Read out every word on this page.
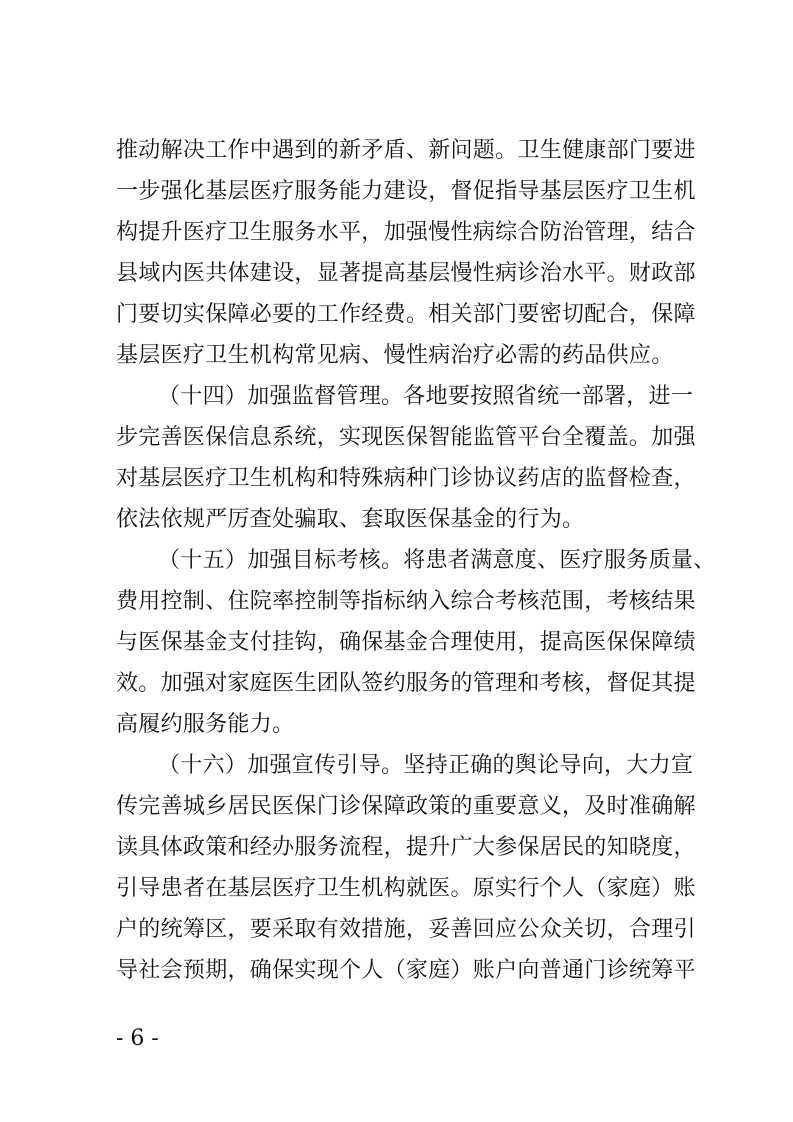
推动解决工作中遇到的新矛盾、新问题。卫生健康部门要进
一步强化基层医疗服务能力建设，督促指导基层医疗卫生机
构提升医疗卫生服务水平，加强慢性病综合防治管理，结合
县域内医共体建设，显著提高基层慢性病诊治水平。财政部
门要切实保障必要的工作经费。相关部门要密切配合，保障
基层医疗卫生机构常见病、慢性病治疗必需的药品供应。
（十四）加强监督管理。各地要按照省统一部署，进一
步完善医保信息系统，实现医保智能监管平台全覆盖。加强
对基层医疗卫生机构和特殊病种门诊协议药店的监督检查，
依法依规严厉查处骗取、套取医保基金的行为。
（十五）加强目标考核。将患者满意度、医疗服务质量、
费用控制、住院率控制等指标纳入综合考核范围，考核结果
与医保基金支付挂钩，确保基金合理使用，提高医保保障绩
效。加强对家庭医生团队签约服务的管理和考核，督促其提
高履约服务能力。
（十六）加强宣传引导。坚持正确的舆论导向，大力宣
传完善城乡居民医保门诊保障政策的重要意义，及时准确解
读具体政策和经办服务流程，提升广大参保居民的知晓度，
引导患者在基层医疗卫生机构就医。原实行个人（家庭）账
户的统筹区，要采取有效措施，妥善回应公众关切，合理引
导社会预期，确保实现个人（家庭）账户向普通门诊统筹平
- 6 -
